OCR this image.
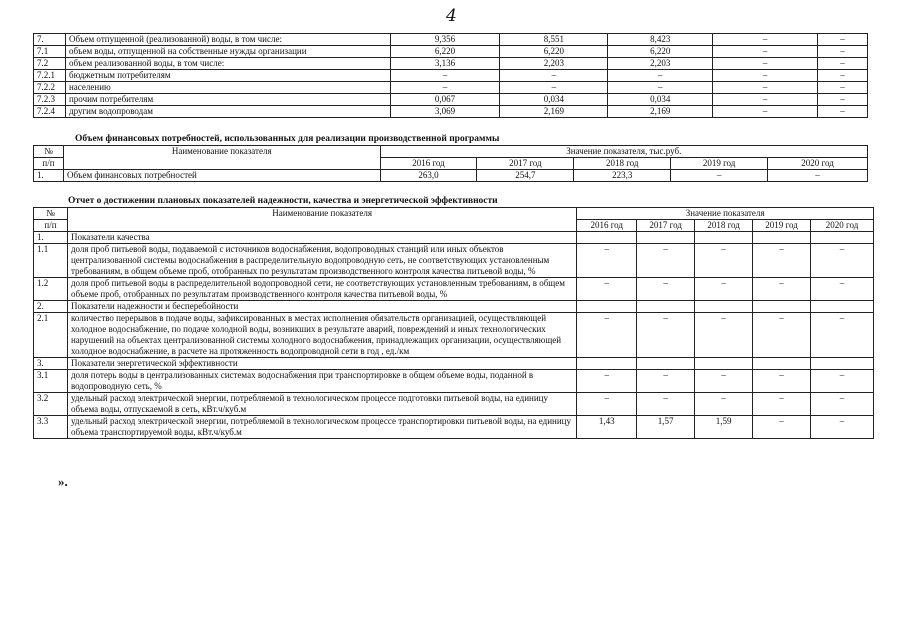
4
7.	Объем отпущенной (реализованной) воды, в том числе:	9,356	8,551	8,423	–	–
7.1	объем воды, отпущенной на собственные нужды организации	6,220	6,220	6,220	–	–
7.2	объем реализованной воды, в том числе:	3,136	2,203	2,203	–	–
7.2.1	бюджетным потребителям	–	–	–	–	–
7.2.2	населению	–	–	–	–	–
7.2.3	прочим потребителям	0,067	0,034	0,034	–	–
7.2.4	другим водопроводам	3,069	2,169	2,169	–	–
Объем финансовых потребностей, использованных для реализации производственной программы
№	Наименование показателя	Значение показателя, тыс.руб.				
п/п		2016 год	2017 год	2018 год	2019 год	2020 год
1.	Объем финансовых потребностей	263,0	254,7	223,3	–	–
Отчет о достижении плановых показателей надежности, качества и энергетической эффективности
№	Наименование показателя	Значение показателя				
п/п		2016 год	2017 год	2018 год	2019 год	2020 год
1.	Показатели качества					
1.1	доля проб питьевой воды, подаваемой с источников водоснабжения, водопроводных станций или иных объектов централизованной системы водоснабжения в распределительную водопроводную сеть, не соответствующих установленным требованиям, в общем объеме проб, отобранных по результатам производственного контроля качества питьевой воды, %	–	–	–	–	–
1.2	доля проб питьевой воды в распределительной водопроводной сети, не соответствующих установленным требованиям, в общем объеме проб, отобранных по результатам производственного контроля качества питьевой воды, %	–	–	–	–	–
2.	Показатели надежности и бесперебойности					
2.1	количество перерывов в подаче воды, зафиксированных в местах исполнения обязательств организацией, осуществляющей холодное водоснабжение, по подаче холодной воды, возникших в результате аварий, повреждений и иных технологических нарушений на объектах централизованной системы холодного водоснабжения, принадлежащих организации, осуществляющей холодное водоснабжение, в расчете на протяженность водопроводной сети в год , ед./км	–	–	–	–	–
3.	Показатели энергетической эффективности					
3.1	доля потерь воды в централизованных системах водоснабжения при транспортировке в общем объеме воды, поданной в водопроводную сеть, %	–	–	–	–	–
3.2	удельный расход электрической энергии, потребляемой в технологическом процессе подготовки питьевой воды, на единицу объема воды, отпускаемой в сеть, кВт.ч/куб.м	–	–	–	–	–
3.3	удельный расход электрической энергии, потребляемой в технологическом процессе транспортировки питьевой воды, на единицу объема транспортируемой воды, кВт.ч/куб.м	1,43	1,57	1,59	–	–
».
